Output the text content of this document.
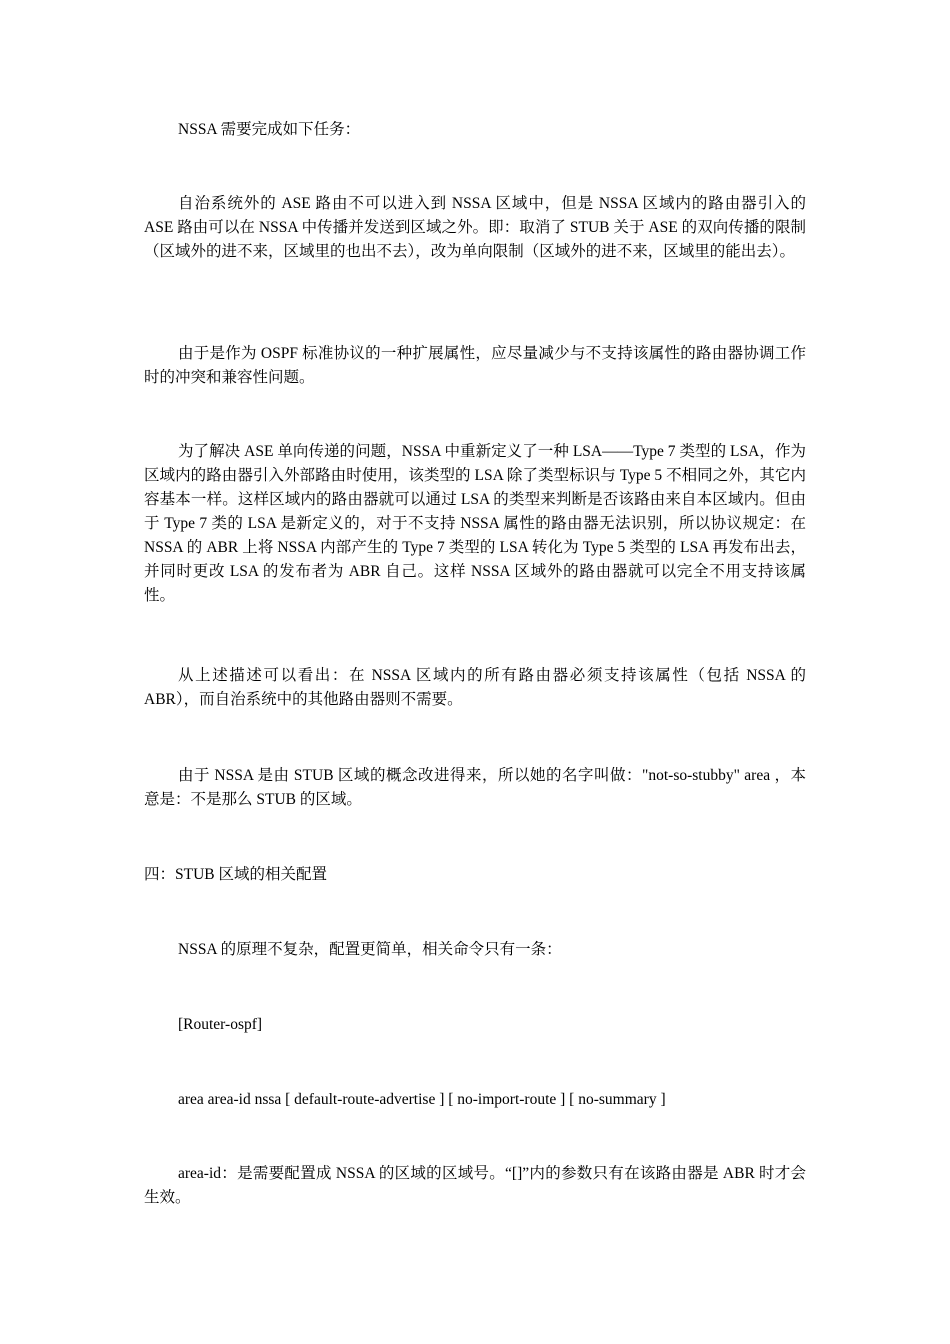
NSSA 需要完成如下任务：

自治系统外的 ASE 路由不可以进入到 NSSA 区域中，但是 NSSA 区域内的路由器引入的 ASE 路由可以在 NSSA 中传播并发送到区域之外。即：取消了 STUB 关于 ASE 的双向传播的限制（区域外的进不来，区域里的也出不去），改为单向限制（区域外的进不来，区域里的能出去）。

由于是作为 OSPF 标准协议的一种扩展属性，应尽量减少与不支持该属性的路由器协调工作时的冲突和兼容性问题。

为了解决 ASE 单向传递的问题，NSSA 中重新定义了一种 LSA——Type 7 类型的 LSA，作为区域内的路由器引入外部路由时使用，该类型的 LSA 除了类型标识与 Type 5 不相同之外，其它内容基本一样。这样区域内的路由器就可以通过 LSA 的类型来判断是否该路由来自本区域内。但由于 Type 7 类的 LSA 是新定义的，对于不支持 NSSA 属性的路由器无法识别，所以协议规定：在 NSSA 的 ABR 上将 NSSA 内部产生的 Type 7 类型的 LSA 转化为 Type 5 类型的 LSA 再发布出去，并同时更改 LSA 的发布者为 ABR 自己。这样 NSSA 区域外的路由器就可以完全不用支持该属性。

从上述描述可以看出：在 NSSA 区域内的所有路由器必须支持该属性（包括 NSSA 的 ABR），而自治系统中的其他路由器则不需要。

由于 NSSA 是由 STUB 区域的概念改进得来，所以她的名字叫做："not-so-stubby" area ，本意是：不是那么 STUB 的区域。

四：STUB 区域的相关配置

NSSA 的原理不复杂，配置更简单，相关命令只有一条：

[Router-ospf]

area area-id nssa [ default-route-advertise ] [ no-import-route ] [ no-summary ]

area-id：是需要配置成 NSSA 的区域的区域号。“[]”内的参数只有在该路由器是 ABR 时才会生效。
